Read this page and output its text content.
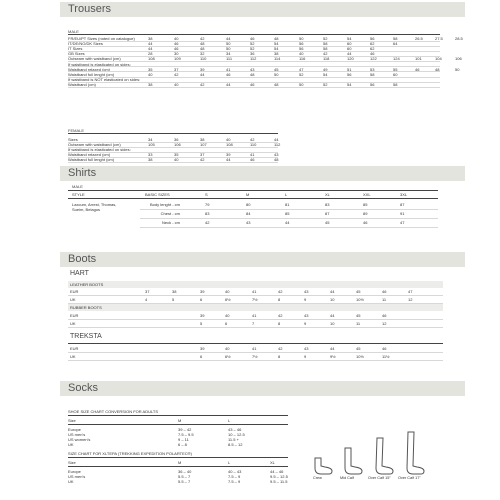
Trousers
MALE
FR/EU/PT Sizes (noted on catalogue)	38	40	42	44	46	48	50	52	54	56	58	26.5	27.5	28.5
IT/DE/NO/DK Sizes	44	46	48	50	52	54	56	58	60	62	64
IT Sizes	44	46	48	50	52	54	56	58	60	62
GB Sizes	28	30	32	34	36	38	40	42	44	46
Outseam with waistband (cm)	108	109	110	111	112	114	116	118	120	122	124	101	104	106
If waistband is elasticated on sides:
Waistband relaxed (cm)	35	37	39	41	43	45	47	49	51	53	55	46	48	50
Waistband full lenght (cm)	40	42	44	46	48	50	52	54	56	58	60
If waistband is NOT elasticated on sides:
Waistband (cm)	38	40	42	44	46	48	50	52	54	56	58
FEMALE
Sizes	34	36	38	40	42	44
Outseam with waistband (cm)	105	106	107	108	110	112
If waistband is elasticated on sides:
Waistband relaxed (cm)	33	35	37	39	41	43
Waistband full lenght (cm)	38	40	42	44	46	48
Shirts
MALE
STYLE	BASIC SIZES	S	M	L	XL	XXL	3XL
Laxcum, Arrest, Thomas,
Sueim, Belagus
Body lenght - cm	79	80	81	83	85	87
Chest - cm	83	84	85	87	89	91
Neck - cm	42	43	44	45	46	47
Boots
HART
LEATHER BOOTS
EUR	37	38	39	40	41	42	43	44	45	46	47
UK	4	5	6	6½	7½	8	9	10	10½	11	12
RUBBER BOOTS
EUR	39	40	41	42	43	44	45	46
UK	5	6	7	8	9	10	11	12
TREKSTA
EUR	39	40	41	42	43	44	45	46
UK	6	6½	7½	8	9	9½	10½	11½
Socks
SHOE SIZE CHART CONVERSION FOR ADULTS
Size	M	L
Europe	39 – 42	43 – 46
US men's	7.5 – 9.5	10 – 12.5
US women's	9 – 11	11.5 +
UK	6 – 8	8.5 – 12
SIZE CHART FOR XLTEPA (TREKKING EXPEDITION POLARTEC®)
Size	M	L	XL
Europe	36 – 40	40 – 43	44 – 46
US men's	5.5 – 7	7.5 – 9	9.5 – 12.5
UK	5.5 – 7	7.5 – 9	9.5 – 11.5
Crew	Mid Calf	Over Calf 15" Over Calf 17"
